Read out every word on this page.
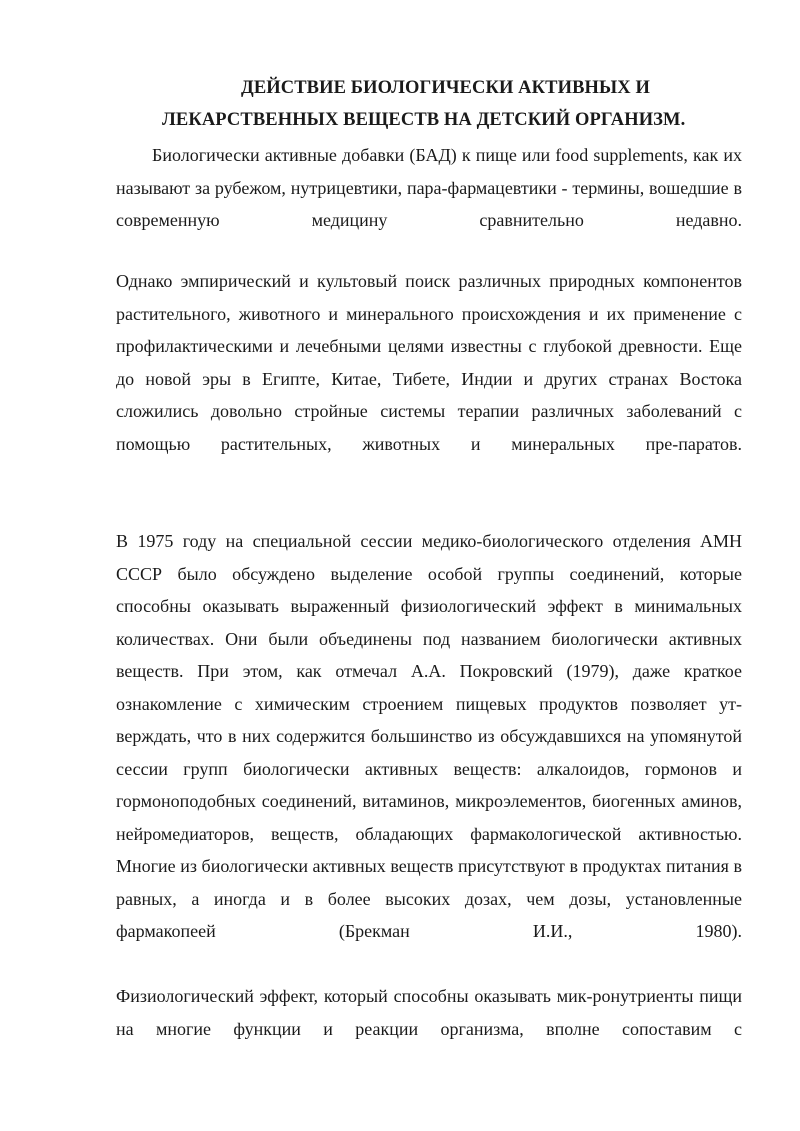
ДЕЙСТВИЕ БИОЛОГИЧЕСКИ АКТИВНЫХ И
ЛЕКАРСТВЕННЫХ ВЕЩЕСТВ НА ДЕТСКИЙ ОРГАНИЗМ.

Биологически активные добавки (БАД) к пище или food supplements, как их называют за рубежом, нутрицевтики, пара-фармацевтики - термины, вошедшие в современную медицину сравнительно недавно.

Однако эмпирический и культовый поиск различных природных компонентов растительного, животного и минерального происхождения и их применение с профилактическими и лечебными целями известны с глубокой древности. Еще до новой эры в Египте, Китае, Тибете, Индии и других странах Востока сложились довольно стройные системы терапии различных заболеваний с помощью растительных, животных и минеральных пре-паратов.

В 1975 году на специальной сессии медико-биологического отделения АМН СССР было обсуждено выделение особой группы соединений, которые способны оказывать выраженный физиологический эффект в минимальных количествах. Они были объединены под названием биологически активных веществ. При этом, как отмечал А.А. Покровский (1979), даже краткое ознакомление с химическим строением пищевых продуктов позволяет ут-верждать, что в них содержится большинство из обсуждавшихся на упомянутой сессии групп биологически активных веществ: алкалоидов, гормонов и гормоноподобных соединений, витаминов, микроэлементов, биогенных аминов, нейромедиаторов, веществ, обладающих фармакологической активностью. Многие из биологически активных веществ присутствуют в продуктах питания в равных, а иногда и в более высоких дозах, чем дозы, установленные фармакопеей (Брекман И.И., 1980).

Физиологический эффект, который способны оказывать мик-ронутриенты пищи на многие функции и реакции организма, вполне сопоставим с
